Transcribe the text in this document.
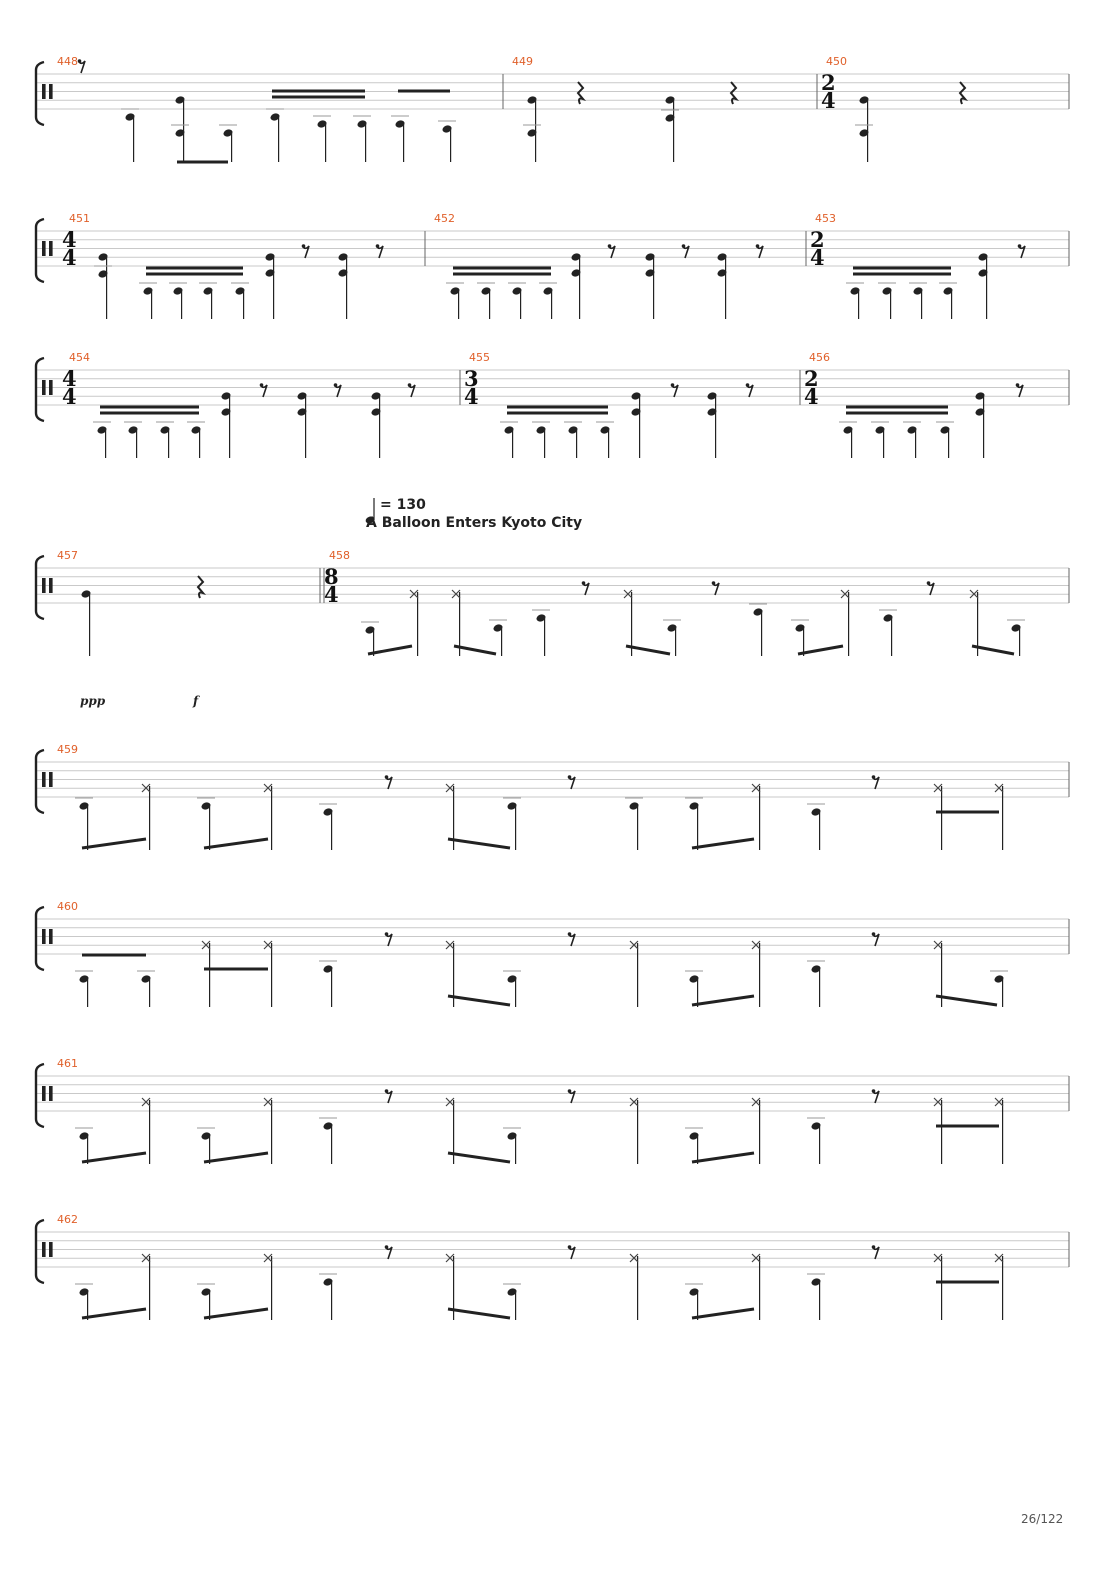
448	449	450
2
4
451
4
4
452	453
2
4
454
4
4
455
3
4
456
2
4
457	458
8
4
459
460
461
462
= 130
A Balloon Enters Kyoto City
ppp	f
26/122
